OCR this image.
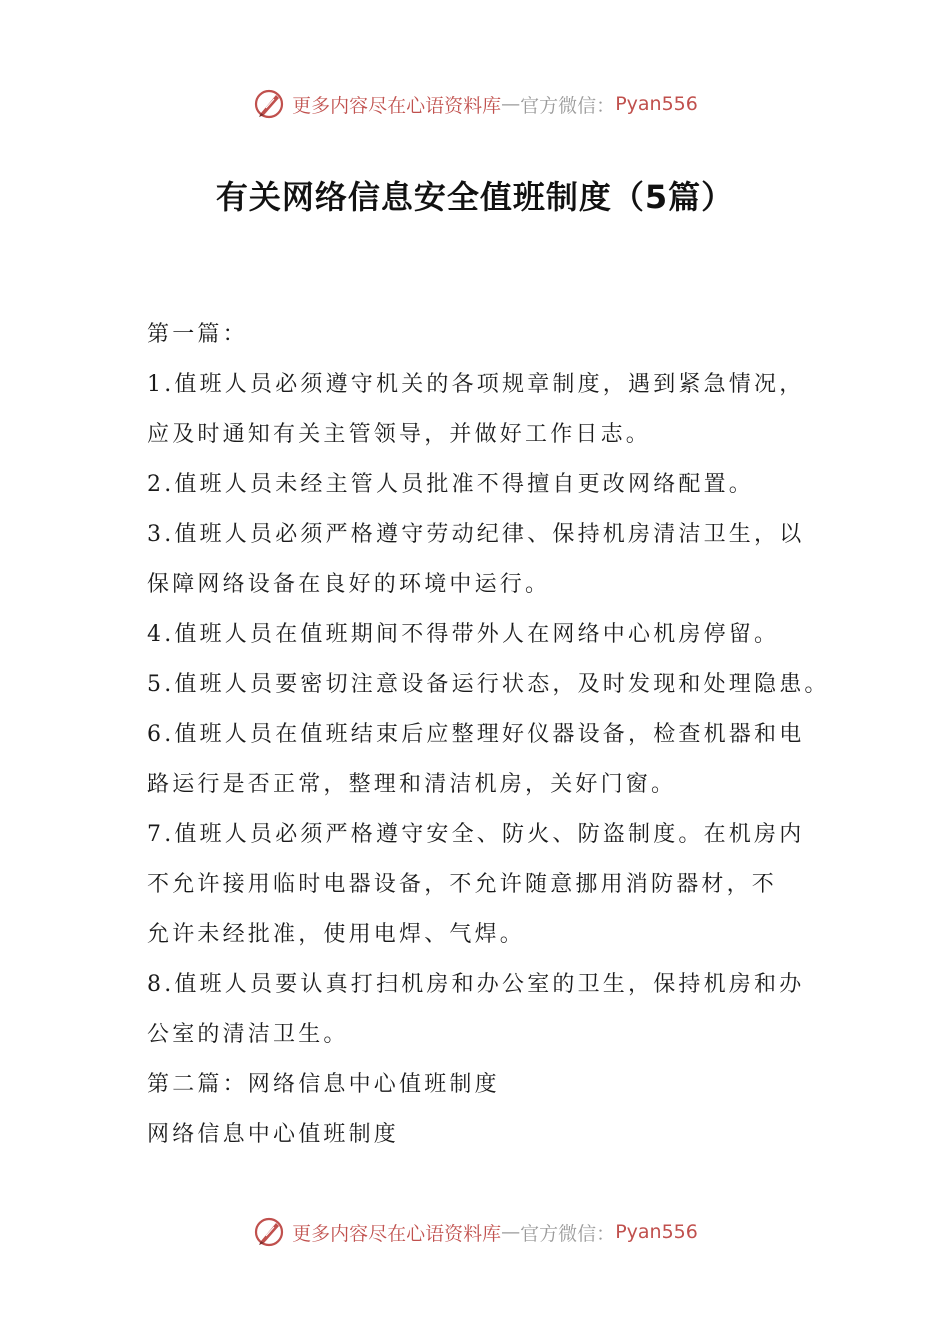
更多内容尽在心语资料库 — 官方微信： Pyan556
有关网络信息安全值班制度（5篇）
第一篇：
1.值班人员必须遵守机关的各项规章制度，遇到紧急情况，
应及时通知有关主管领导，并做好工作日志。
2.值班人员未经主管人员批准不得擅自更改网络配置。
3.值班人员必须严格遵守劳动纪律、保持机房清洁卫生，以
保障网络设备在良好的环境中运行。
4.值班人员在值班期间不得带外人在网络中心机房停留。
5.值班人员要密切注意设备运行状态，及时发现和处理隐患。
6.值班人员在值班结束后应整理好仪器设备，检查机器和电
路运行是否正常，整理和清洁机房，关好门窗。
7.值班人员必须严格遵守安全、防火、防盗制度。在机房内
不允许接用临时电器设备，不允许随意挪用消防器材，不
允许未经批准，使用电焊、气焊。
8.值班人员要认真打扫机房和办公室的卫生，保持机房和办
公室的清洁卫生。
第二篇：网络信息中心值班制度
网络信息中心值班制度
更多内容尽在心语资料库 — 官方微信： Pyan556
